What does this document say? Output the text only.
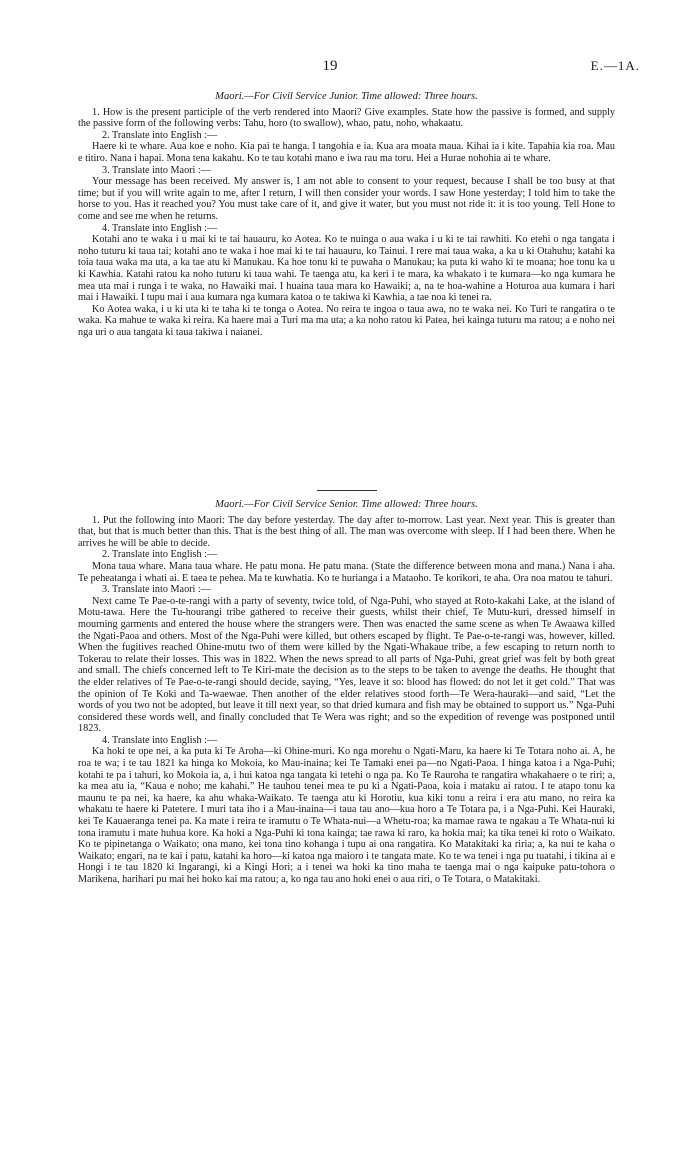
19	E.—1A.
Maori.—For Civil Service Junior. Time allowed: Three hours.

1. How is the present participle of the verb rendered into Maori? Give examples. State how the passive is formed, and supply the passive form of the following verbs: Tahu, horo (to swallow), whao, patu, noho, whakaatu.

2. Translate into English :—

Haere ki te whare. Aua koe e noho. Kia pai te hanga. I tangohia e ia. Kua ara moata maua. Kihai ia i kite. Tapahia kia roa. Mau e titiro. Nana i hapai. Mona tena kakahu. Ko te tau kotahi mano e iwa rau ma toru. Hei a Hurae nohohia ai te whare.

3. Translate into Maori :—

Your message has been received. My answer is, I am not able to consent to your request, because I shall be too busy at that time; but if you will write again to me, after I return, I will then consider your words. I saw Hone yesterday; I told him to take the horse to you. Has it reached you? You must take care of it, and give it water, but you must not ride it: it is too young. Tell Hone to come and see me when he returns.

4. Translate into English :—

Kotahi ano te waka i u mai ki te tai hauauru, ko Aotea. Ko te nuinga o aua waka i u ki te tai rawhiti. Ko etehi o nga tangata i noho tuturu ki taua tai; kotahi ano te waka i hoe mai ki te tai hauauru, ko Tainui. I rere mai taua waka, a ka u ki Otahuhu; katahi ka toia taua waka ma uta, a ka tae atu ki Manukau. Ka hoe tonu ki te puwaha o Manukau; ka puta ki waho ki te moana; hoe tonu ka u ki Kawhia. Katahi ratou ka noho tuturu ki taua wahi. Te taenga atu, ka keri i te mara, ka whakato i te kumara—ko nga kumara he mea uta mai i runga i te waka, no Hawaiki mai. I huaina taua mara ko Hawaiki; a, na te hoa-wahine a Hoturoa aua kumara i hari mai i Hawaiki. I tupu mai i aua kumara nga kumara katoa o te takiwa ki Kawhia, a tae noa ki tenei ra.

Ko Aotea waka, i u ki uta ki te taha ki te tonga o Aotea. No reira te ingoa o taua awa, no te waka nei. Ko Turi te rangatira o te waka. Ka mahue te waka ki reira. Ka haere mai a Turi ma ma uta; a ka noho ratou ki Patea, hei kainga tuturu ma ratou; a e noho nei nga uri o aua tangata ki taua takiwa i naianei.

Maori.—For Civil Service Senior. Time allowed: Three hours.

1. Put the following into Maori: The day before yesterday. The day after to-morrow. Last year. Next year. This is greater than that, but that is much better than this. That is the best thing of all. The man was overcome with sleep. If I had been there. When he arrives he will be able to decide.

2. Translate into English :—

Mona taua whare. Mana taua whare. He patu mona. He patu mana. (State the difference between mona and mana.) Nana i aha. Te peheatanga i whati ai. E taea te pehea. Ma te kuwhatia. Ko te hurianga i a Mataoho. Te korikori, te aha. Ora noa matou te tahuri.

3. Translate into Maori :—

Next came Te Pae-o-te-rangi with a party of seventy, twice told, of Nga-Puhi, who stayed at Roto-kakahi Lake, at the island of Motu-tawa. Here the Tu-hourangi tribe gathered to receive their guests, whilst their chief, Te Mutu-kuri, dressed himself in mourning garments and entered the house where the strangers were. Then was enacted the same scene as when Te Awaawa killed the Ngati-Paoa and others. Most of the Nga-Puhi were killed, but others escaped by flight. Te Pae-o-te-rangi was, however, killed. When the fugitives reached Ohine-mutu two of them were killed by the Ngati-Whakaue tribe, a few escaping to return north to Tokerau to relate their losses. This was in 1822. When the news spread to all parts of Nga-Puhi, great grief was felt by both great and small. The chiefs concerned left to Te Kiri-mate the decision as to the steps to be taken to avenge the deaths. He thought that the elder relatives of Te Pae-o-te-rangi should decide, saying, “Yes, leave it so: blood has flowed: do not let it get cold.” That was the opinion of Te Koki and Ta-waewae. Then another of the elder relatives stood forth—Te Wera-hauraki—and said, “Let the words of you two not be adopted, but leave it till next year, so that dried kumara and fish may be obtained to support us.” Nga-Puhi considered these words well, and finally concluded that Te Wera was right; and so the expedition of revenge was postponed until 1823.

4. Translate into English :—

Ka hoki te ope nei, a ka puta ki Te Aroha—ki Ohine-muri. Ko nga morehu o Ngati-Maru, ka haere ki Te Totara noho ai. A, he roa te wa; i te tau 1821 ka hinga ko Mokoia, ko Mau-inaina; kei Te Tamaki enei pa—no Ngati-Paoa. I hinga katoa i a Nga-Puhi; kotahi te pa i tahuri, ko Mokoia ia, a, i hui katoa nga tangata ki tetehi o nga pa. Ko Te Rauroha te rangatira whakahaere o te riri; a, ka mea atu ia, “Kaua e noho; me kahahi.” He tauhou tenei mea te pu ki a Ngati-Paoa, koia i mataku ai ratou. I te atapo tonu ka maunu te pa nei, ka haere, ka ahu whaka-Waikato. Te taenga atu ki Horotiu, kua kiki tonu a reira i era atu mano, no reira ka whakatu te haere ki Patetere. I muri tata iho i a Mau-inaina—i taua tau ano—kua horo a Te Totara pa, i a Nga-Puhi. Kei Hauraki, kei Te Kauaeranga tenei pa. Ka mate i reira te iramutu o Te Whata-nui—a Whetu-roa; ka mamae rawa te ngakau a Te Whata-nui ki tona iramutu i mate huhua kore. Ka hoki a Nga-Puhi ki tona kainga; tae rawa ki raro, ka hokia mai; ka tika tenei ki roto o Waikato. Ko te pipinetanga o Waikato; ona mano, kei tona tino kohanga i tupu ai ona rangatira. Ko Matakitaki ka riria; a, ka nui te kaha o Waikato; engari, na te kai i patu, katahi ka horo—ki katoa nga maioro i te tangata mate. Ko te wa tenei i nga pu tuatahi, i tikina ai e Hongi i te tau 1820 ki Ingarangi, ki a Kingi Hori; a i tenei wa hoki ka tino maha te taenga mai o nga kaipuke patu-tohora o Marikena, harihari pu mai hei hoko kai ma ratou; a, ko nga tau ano hoki enei o aua riri, o Te Totara, o Matakitaki.
